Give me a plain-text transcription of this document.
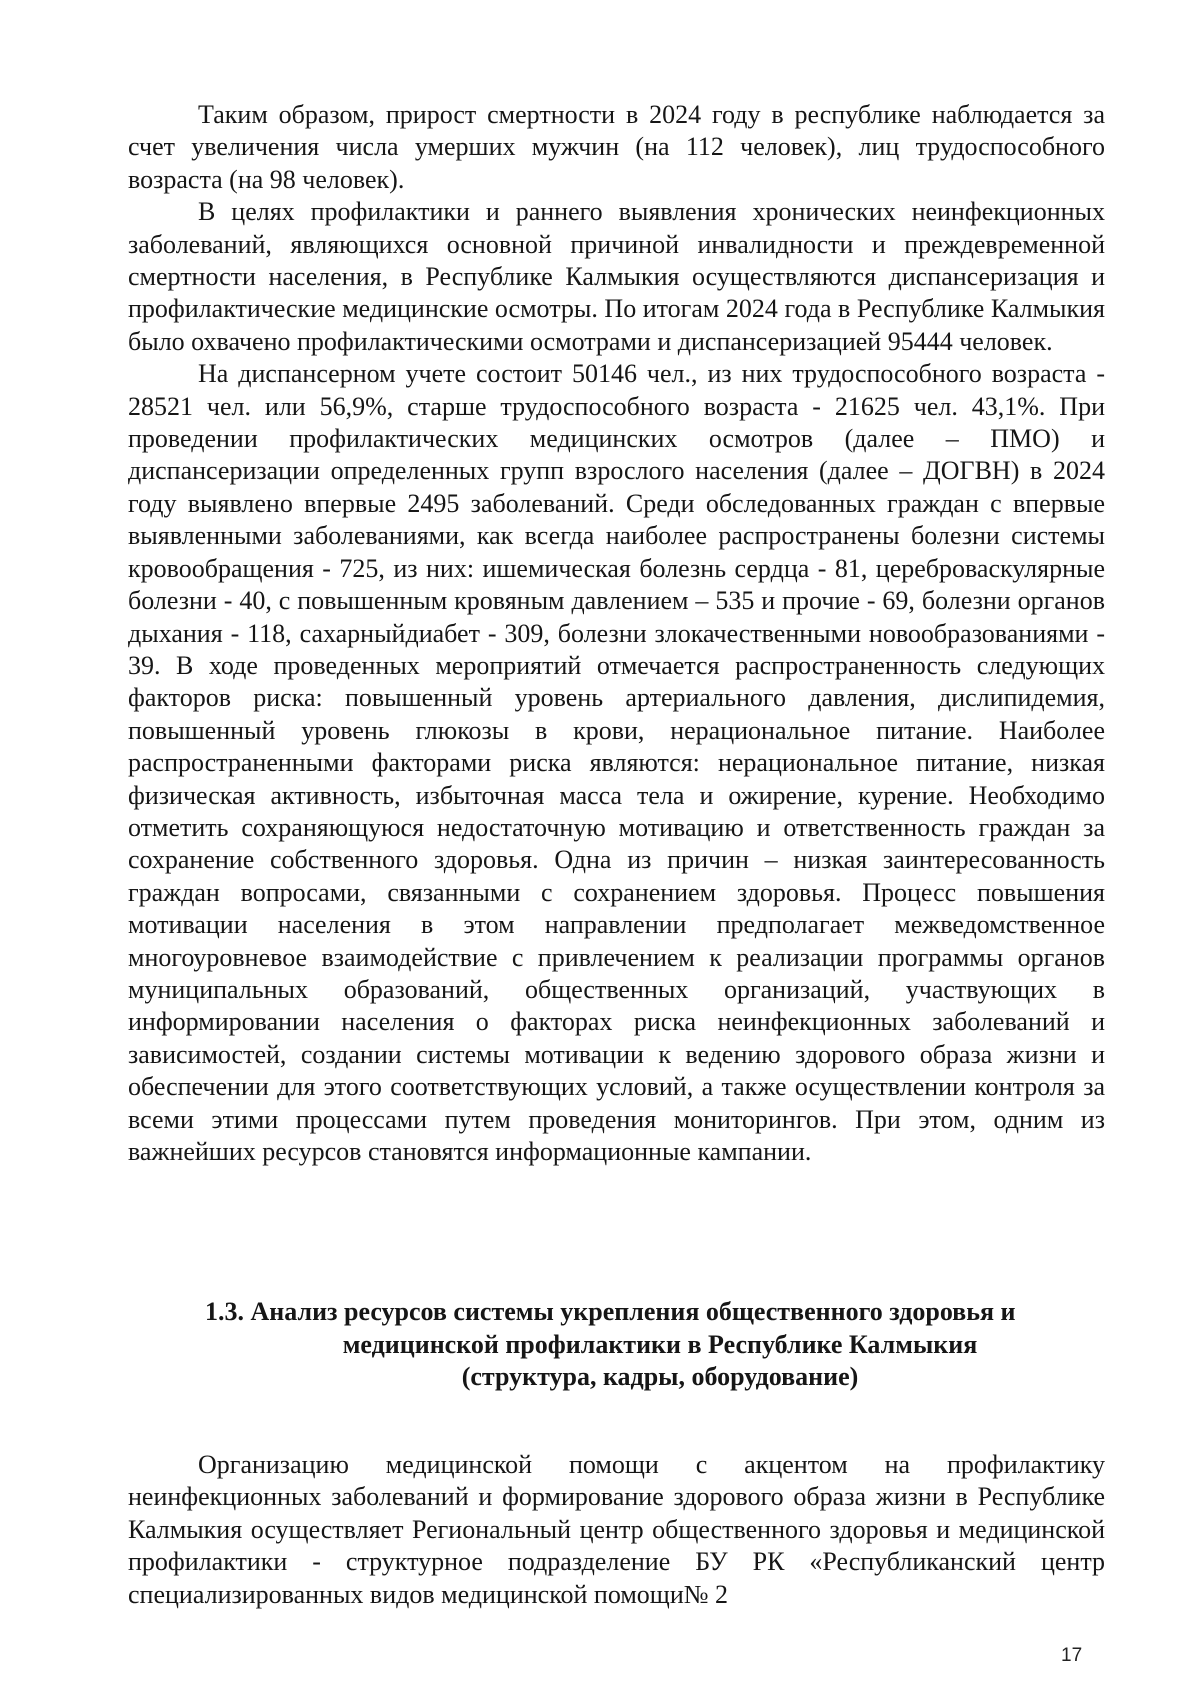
Таким образом, прирост смертности в 2024 году в республике наблюдается за счет увеличения числа умерших мужчин (на 112 человек), лиц трудоспособного возраста (на 98 человек).

В целях профилактики и раннего выявления хронических неинфекционных заболеваний, являющихся основной причиной инвалидности и преждевременной смертности населения, в Республике Калмыкия осуществляются диспансеризация и профилактические медицинские осмотры. По итогам 2024 года в Республике Калмыкия было охвачено профилактическими осмотрами и диспансеризацией 95444 человек.

На диспансерном учете состоит 50146 чел., из них трудоспособного возраста - 28521 чел. или 56,9%, старше трудоспособного возраста - 21625 чел. 43,1%. При проведении профилактических медицинских осмотров (далее – ПМО) и диспансеризации определенных групп взрослого населения (далее – ДОГВН) в 2024 году выявлено впервые 2495 заболеваний. Среди обследованных граждан с впервые выявленными заболеваниями, как всегда наиболее распространены болезни системы кровообращения - 725, из них: ишемическая болезнь сердца - 81, цереброваскулярные болезни - 40, с повышенным кровяным давлением – 535 и прочие - 69, болезни органов дыхания - 118, сахарныйдиабет - 309, болезни злокачественными новообразованиями - 39. В ходе проведенных мероприятий отмечается распространенность следующих факторов риска: повышенный уровень артериального давления, дислипидемия, повышенный уровень глюкозы в крови, нерациональное питание. Наиболее распространенными факторами риска являются: нерациональное питание, низкая физическая активность, избыточная масса тела и ожирение, курение. Необходимо отметить сохраняющуюся недостаточную мотивацию и ответственность граждан за сохранение собственного здоровья. Одна из причин – низкая заинтересованность граждан вопросами, связанными с сохранением здоровья. Процесс повышения мотивации населения в этом направлении предполагает межведомственное многоуровневое взаимодействие с привлечением к реализации программы органов муниципальных образований, общественных организаций, участвующих в информировании населения о факторах риска неинфекционных заболеваний и зависимостей, создании системы мотивации к ведению здорового образа жизни и обеспечении для этого соответствующих условий, а также осуществлении контроля за всеми этими процессами путем проведения мониторингов. При этом, одним из важнейших ресурсов становятся информационные кампании.

1.3. Анализ ресурсов системы укрепления общественного здоровья и
медицинской профилактики в Республике Калмыкия
(структура, кадры, оборудование)

Организацию медицинской помощи с акцентом на профилактику неинфекционных заболеваний и формирование здорового образа жизни в Республике Калмыкия осуществляет Региональный центр общественного здоровья и медицинской профилактики - структурное подразделение БУ РК «Республиканский центр специализированных видов медицинской помощи№ 2

17
